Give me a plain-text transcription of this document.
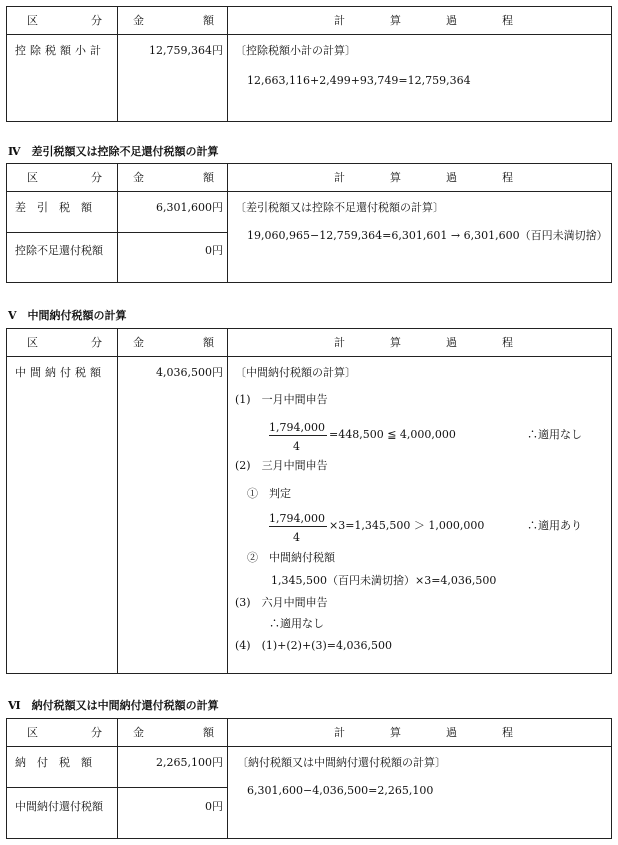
区	分	金	額	計	算	過	程
控除税額小計	12,759,364円 〔控除税額小計の計算〕
12,663,116+2,499+93,749=12,759,364
Ⅳ　差引税額又は控除不足還付税額の計算
区	分	金	額	計	算	過	程
差　引　税　額	6,301,600円
控除不足還付税額	0円
〔差引税額又は控除不足還付税額の計算〕
19,060,965−12,759,364=6,301,601 → 6,301,600（百円未満切捨）
Ⅴ　中間納付税額の計算
区	分	金	額	計	算	過	程
中間納付税額	4,036,500円 〔中間納付税額の計算〕
(1)　一月中間申告
1,794,000
4
=448,500 ≦ 4,000,000	∴適用なし
(2)　三月中間申告
①　判定
1,794,000
4
×3=1,345,500 ＞ 1,000,000	∴適用あり
②　中間納付税額
1,345,500（百円未満切捨）×3=4,036,500
(3)　六月中間申告
∴適用なし
(4)　(1)+(2)+(3)=4,036,500
Ⅵ　納付税額又は中間納付還付税額の計算
区	分	金	額	計	算	過	程
納　付　税　額	2,265,100円
中間納付還付税額	0円
〔納付税額又は中間納付還付税額の計算〕
6,301,600−4,036,500=2,265,100
